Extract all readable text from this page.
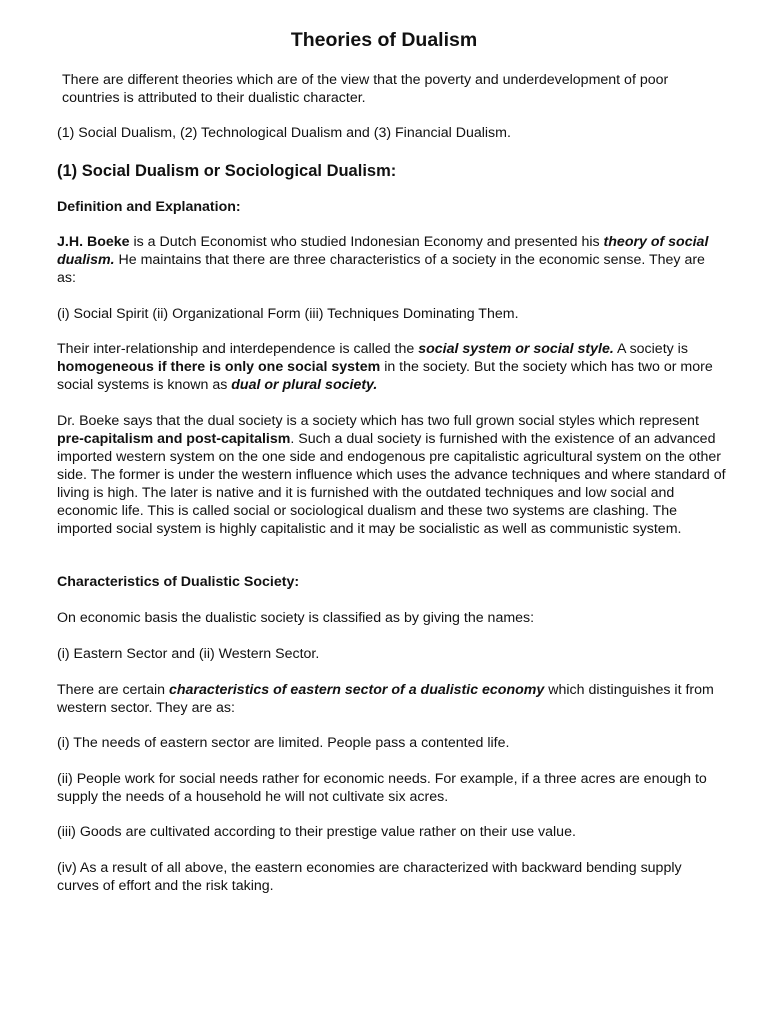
Theories of Dualism

There are different theories which are of the view that the poverty and underdevelopment of poor countries is attributed to their dualistic character.

(1) Social Dualism, (2) Technological Dualism and (3) Financial Dualism.

(1) Social Dualism or Sociological Dualism:

Definition and Explanation:

J.H. Boeke is a Dutch Economist who studied Indonesian Economy and presented his theory of social dualism. He maintains that there are three characteristics of a society in the economic sense. They are as:

(i) Social Spirit (ii) Organizational Form (iii) Techniques Dominating Them.

Their inter-relationship and interdependence is called the social system or social style. A society is homogeneous if there is only one social system in the society. But the society which has two or more social systems is known as dual or plural society.

Dr. Boeke says that the dual society is a society which has two full grown social styles which represent pre-capitalism and post-capitalism. Such a dual society is furnished with the existence of an advanced imported western system on the one side and endogenous pre capitalistic agricultural system on the other side. The former is under the western influence which uses the advance techniques and where standard of living is high. The later is native and it is furnished with the outdated techniques and low social and economic life. This is called social or sociological dualism and these two systems are clashing. The imported social system is highly capitalistic and it may be socialistic as well as communistic system.

Characteristics of Dualistic Society:

On economic basis the dualistic society is classified as by giving the names:

(i) Eastern Sector and (ii) Western Sector.

There are certain characteristics of eastern sector of a dualistic economy which distinguishes it from western sector. They are as:

(i) The needs of eastern sector are limited. People pass a contented life.

(ii) People work for social needs rather for economic needs. For example, if a three acres are enough to supply the needs of a household he will not cultivate six acres.

(iii) Goods are cultivated according to their prestige value rather on their use value.

(iv) As a result of all above, the eastern economies are characterized with backward bending supply curves of effort and the risk taking.
